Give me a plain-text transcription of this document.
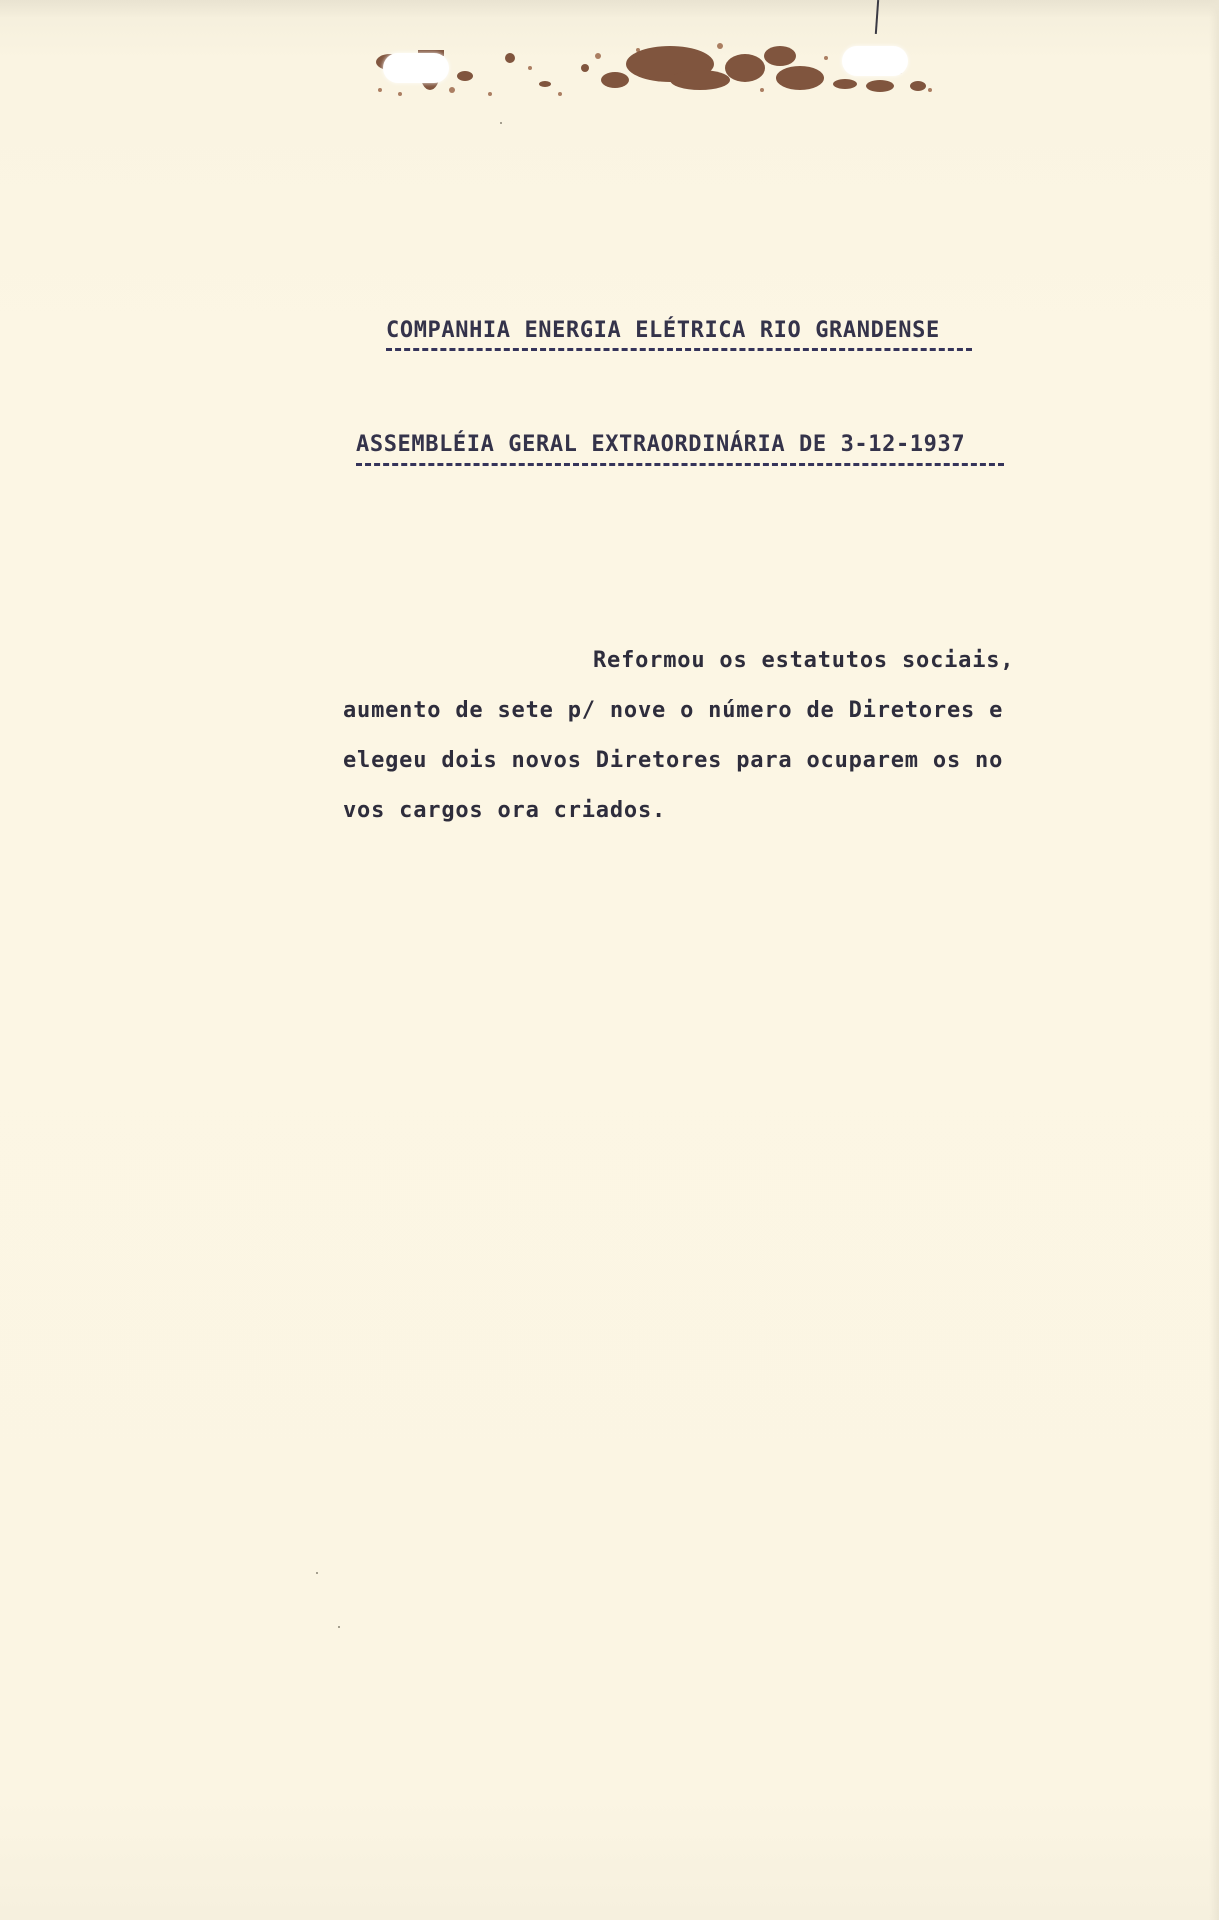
COMPANHIA ENERGIA ELÉTRICA RIO GRANDENSE
ASSEMBLÉIA GERAL EXTRAORDINÁRIA DE 3-12-1937

Reformou os estatutos sociais,
aumento de sete p/ nove o número de Diretores e
elegeu dois novos Diretores para ocuparem os no
vos cargos ora criados.
